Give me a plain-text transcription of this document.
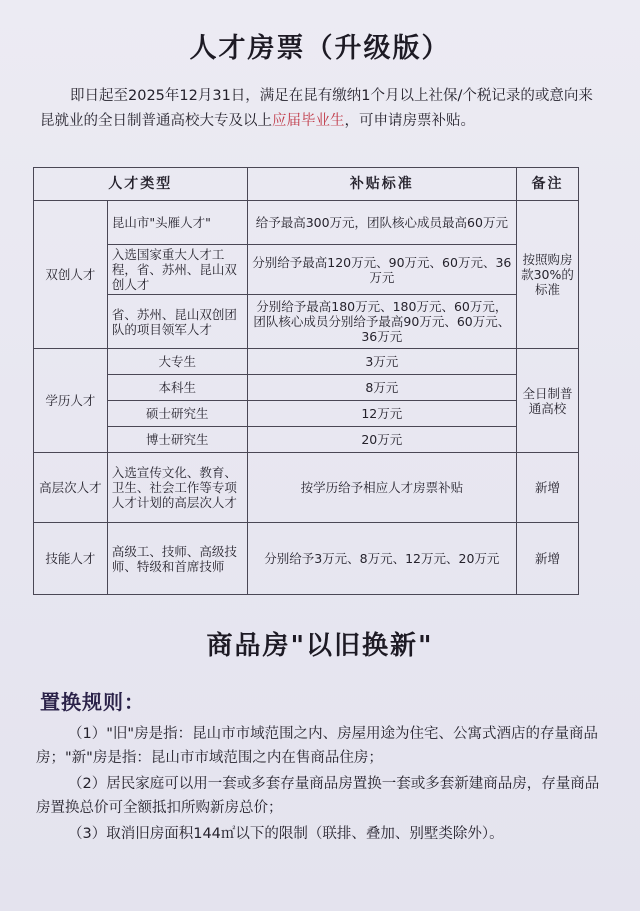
人才房票（升级版）
即日起至2025年12月31日，满足在昆有缴纳1个月以上社保/个税记录的或意向来昆就业的全日制普通高校大专及以上应届毕业生，可申请房票补贴。
人才类型		补贴标准	备注
双创人才	昆山市"头雁人才"	给予最高300万元，团队核心成员最高60万元	按照购房款30%的标准
	入选国家重大人才工程，省、苏州、昆山双创人才	分别给予最高120万元、90万元、60万元、36万元	
	省、苏州、昆山双创团队的项目领军人才	分别给予最高180万元、180万元、60万元，团队核心成员分别给予最高90万元、60万元、36万元	
学历人才	大专生	3万元	全日制普通高校
	本科生	8万元	
	硕士研究生	12万元	
	博士研究生	20万元	
高层次人才	入选宣传文化、教育、卫生、社会工作等专项人才计划的高层次人才	按学历给予相应人才房票补贴	新增
技能人才	高级工、技师、高级技师、特级和首席技师	分别给予3万元、8万元、12万元、20万元	新增
商品房"以旧换新"
置换规则：

（1）"旧"房是指：昆山市市域范围之内、房屋用途为住宅、公寓式酒店的存量商品房；"新"房是指：昆山市市域范围之内在售商品住房；

（2）居民家庭可以用一套或多套存量商品房置换一套或多套新建商品房，存量商品房置换总价可全额抵扣所购新房总价；

（3）取消旧房面积144㎡以下的限制（联排、叠加、别墅类除外）。
